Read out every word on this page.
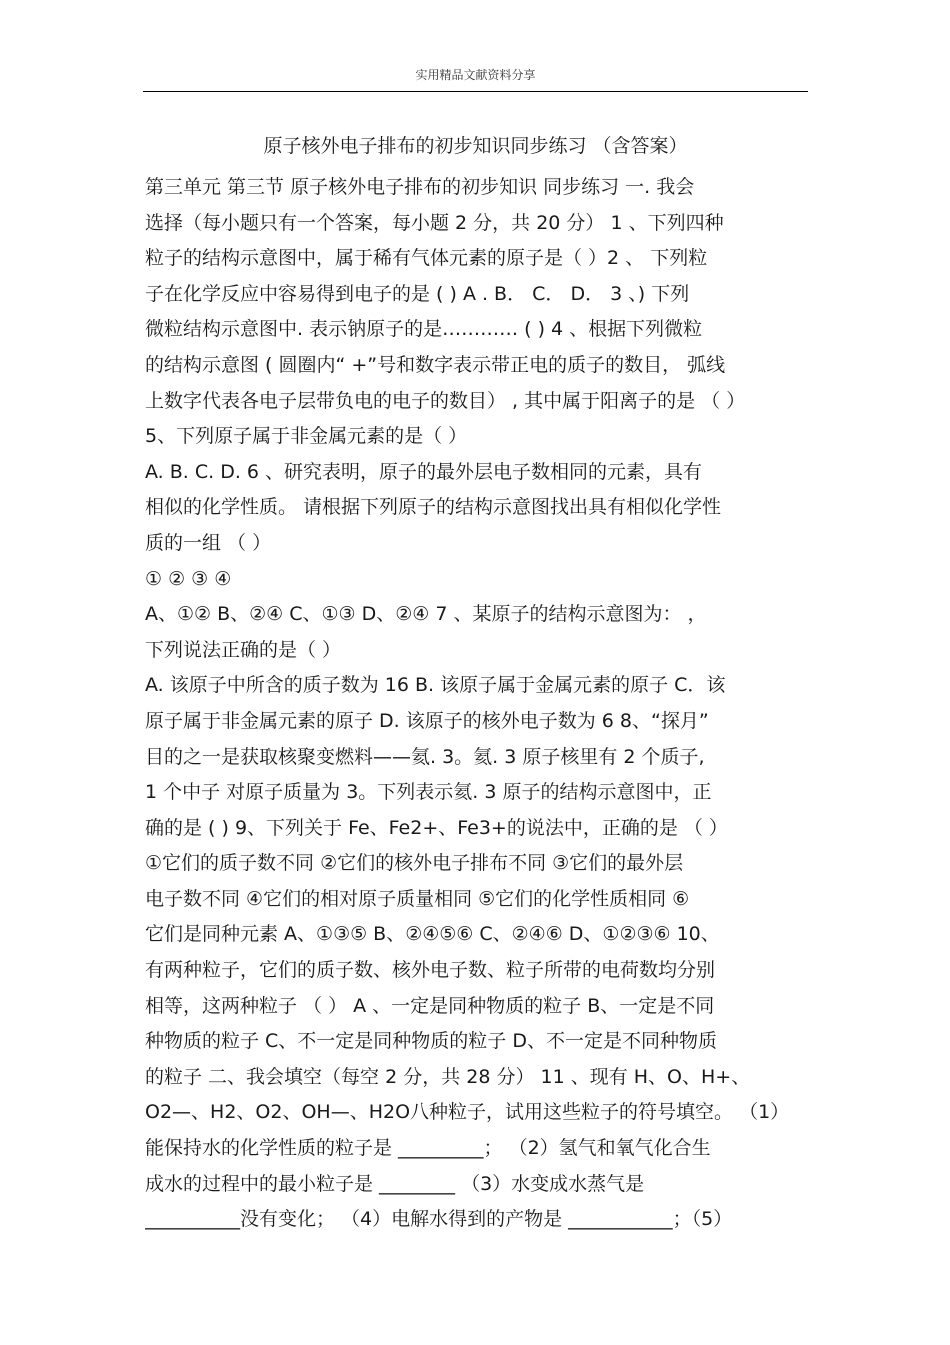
实用精品文献资料分享
原子核外电子排布的初步知识同步练习 （含答案）
第三单元 第三节 原子核外电子排布的初步知识 同步练习 一. 我会
选择（每小题只有一个答案，每小题 2 分，共 20 分） 1 、下列四种
粒子的结构示意图中，属于稀有气体元素的原子是（ ）2 、 下列粒
子在化学反应中容易得到电子的是 ( ) A . B． C． D． 3 、) 下列
微粒结构示意图中. 表示钠原子的是………… ( ) 4 、根据下列微粒
的结构示意图 ( 圆圈内“ +”号和数字表示带正电的质子的数目， 弧线
上数字代表各电子层带负电的电子的数目） , 其中属于阳离子的是 （ ）
5、下列原子属于非金属元素的是（ ）
A. B. C. D. 6 、研究表明，原子的最外层电子数相同的元素，具有
相似的化学性质。 请根据下列原子的结构示意图找出具有相似化学性
质的一组 （ ）
① ② ③ ④
A、①② B、②④ C、①③ D、②④ 7 、某原子的结构示意图为： ，
下列说法正确的是（ ）
A. 该原子中所含的质子数为 16 B. 该原子属于金属元素的原子 C．该
原子属于非金属元素的原子 D. 该原子的核外电子数为 6 8、“探月”
目的之一是获取核聚变燃料——氦. 3。氦. 3 原子核里有 2 个质子,
1 个中子 对原子质量为 3。下列表示氦. 3 原子的结构示意图中，正
确的是 ( ) 9、下列关于 Fe、Fe2+、Fe3+的说法中，正确的是 （ ）
①它们的质子数不同 ②它们的核外电子排布不同 ③它们的最外层
电子数不同 ④它们的相对原子质量相同 ⑤它们的化学性质相同 ⑥
它们是同种元素 A、①③⑤ B、②④⑤⑥ C、②④⑥ D、①②③⑥ 10、
有两种粒子，它们的质子数、核外电子数、粒子所带的电荷数均分别
相等，这两种粒子 （ ） A 、一定是同种物质的粒子 B、一定是不同
种物质的粒子 C、不一定是同种物质的粒子 D、不一定是不同种物质
的粒子 二、我会填空（每空 2 分，共 28 分） 11 、现有 H、O、H+、
O2—、H2、O2、OH—、H2O八种粒子，试用这些粒子的符号填空。 （1）
能保持水的化学性质的粒子是 _________； （2）氢气和氧气化合生
成水的过程中的最小粒子是 ________ （3）水变成水蒸气是
__________没有变化； （4）电解水得到的产物是 ___________；（5）
